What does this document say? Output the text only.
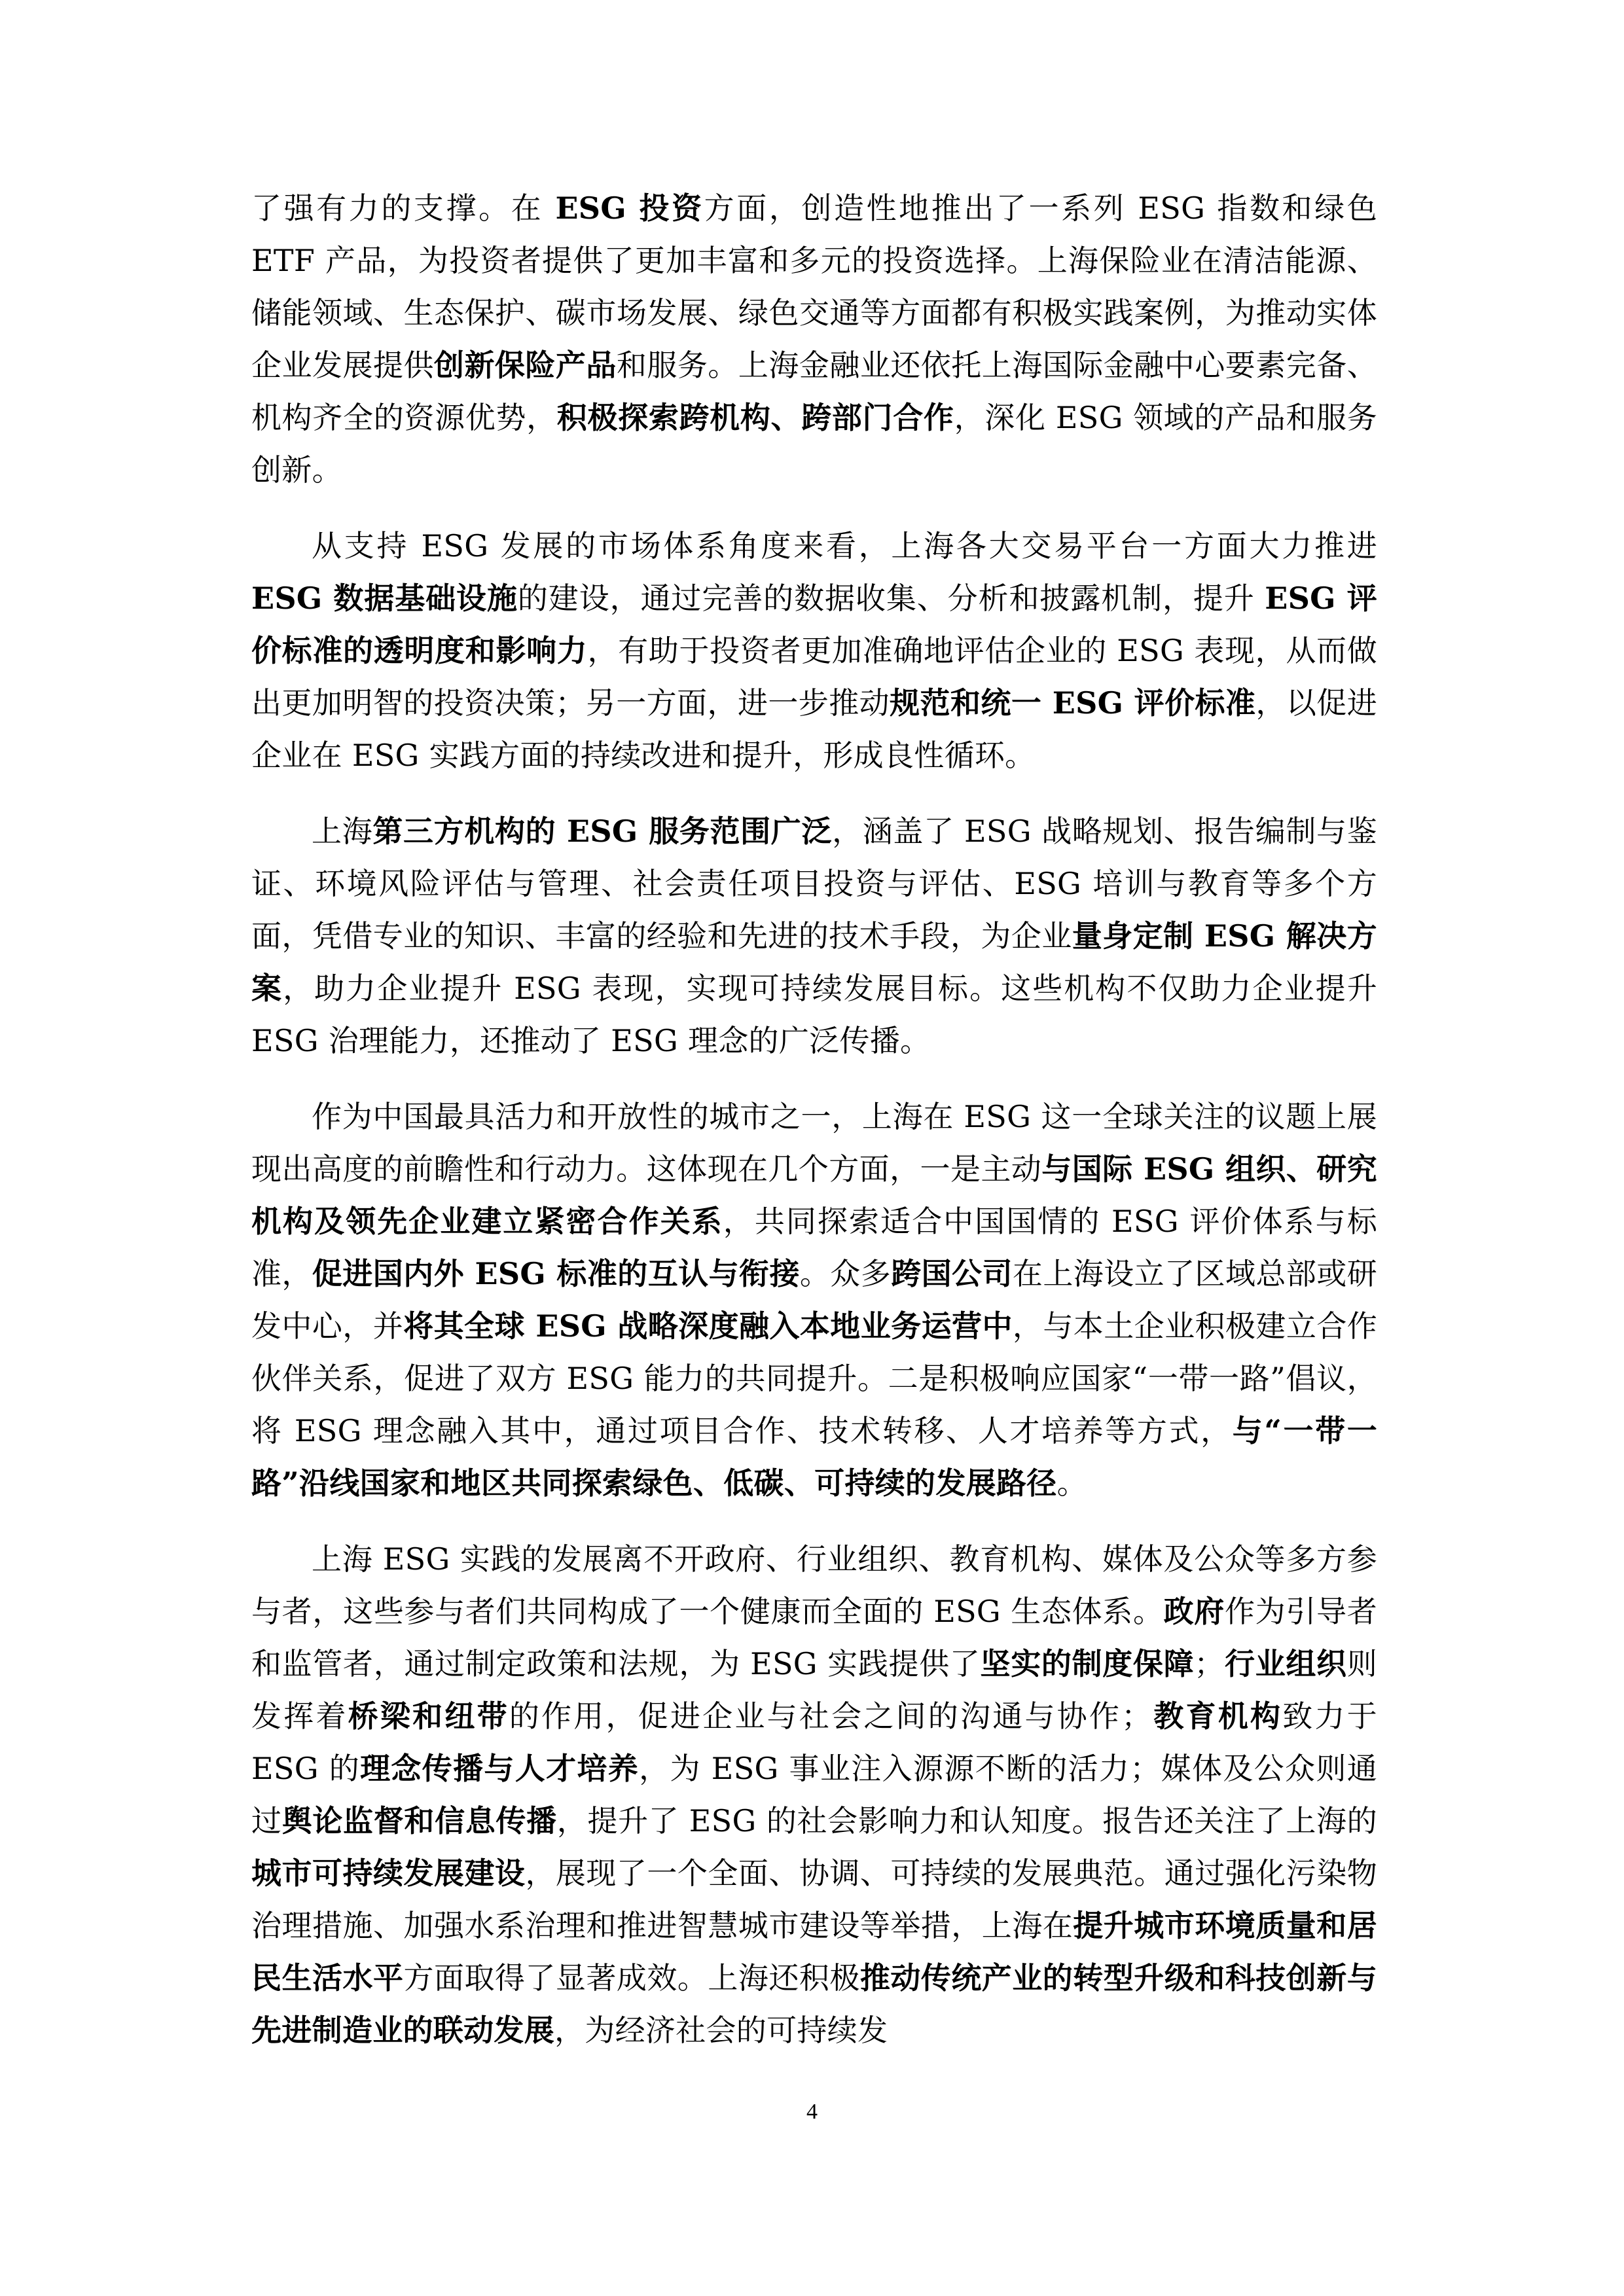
了强有力的支撑。在 ESG 投资方面，创造性地推出了一系列 ESG 指数和绿色 ETF 产品，为投资者提供了更加丰富和多元的投资选择。上海保险业在清洁能源、储能领域、生态保护、碳市场发展、绿色交通等方面都有积极实践案例，为推动实体企业发展提供创新保险产品和服务。上海金融业还依托上海国际金融中心要素完备、机构齐全的资源优势，积极探索跨机构、跨部门合作，深化 ESG 领域的产品和服务创新。

从支持 ESG 发展的市场体系角度来看，上海各大交易平台一方面大力推进 ESG 数据基础设施的建设，通过完善的数据收集、分析和披露机制，提升 ESG 评价标准的透明度和影响力，有助于投资者更加准确地评估企业的 ESG 表现，从而做出更加明智的投资决策；另一方面，进一步推动规范和统一 ESG 评价标准，以促进企业在 ESG 实践方面的持续改进和提升，形成良性循环。

上海第三方机构的 ESG 服务范围广泛，涵盖了 ESG 战略规划、报告编制与鉴证、环境风险评估与管理、社会责任项目投资与评估、ESG 培训与教育等多个方面，凭借专业的知识、丰富的经验和先进的技术手段，为企业量身定制 ESG 解决方案，助力企业提升 ESG 表现，实现可持续发展目标。这些机构不仅助力企业提升 ESG 治理能力，还推动了 ESG 理念的广泛传播。

作为中国最具活力和开放性的城市之一，上海在 ESG 这一全球关注的议题上展现出高度的前瞻性和行动力。这体现在几个方面，一是主动与国际 ESG 组织、研究机构及领先企业建立紧密合作关系，共同探索适合中国国情的 ESG 评价体系与标准，促进国内外 ESG 标准的互认与衔接。众多跨国公司在上海设立了区域总部或研发中心，并将其全球 ESG 战略深度融入本地业务运营中，与本土企业积极建立合作伙伴关系，促进了双方 ESG 能力的共同提升。二是积极响应国家“一带一路”倡议，将 ESG 理念融入其中，通过项目合作、技术转移、人才培养等方式，与“一带一路”沿线国家和地区共同探索绿色、低碳、可持续的发展路径。

上海 ESG 实践的发展离不开政府、行业组织、教育机构、媒体及公众等多方参与者，这些参与者们共同构成了一个健康而全面的 ESG 生态体系。政府作为引导者和监管者，通过制定政策和法规，为 ESG 实践提供了坚实的制度保障；行业组织则发挥着桥梁和纽带的作用，促进企业与社会之间的沟通与协作；教育机构致力于 ESG 的理念传播与人才培养，为 ESG 事业注入源源不断的活力；媒体及公众则通过舆论监督和信息传播，提升了 ESG 的社会影响力和认知度。报告还关注了上海的城市可持续发展建设，展现了一个全面、协调、可持续的发展典范。通过强化污染物治理措施、加强水系治理和推进智慧城市建设等举措，上海在提升城市环境质量和居民生活水平方面取得了显著成效。上海还积极推动传统产业的转型升级和科技创新与先进制造业的联动发展，为经济社会的可持续发

4
